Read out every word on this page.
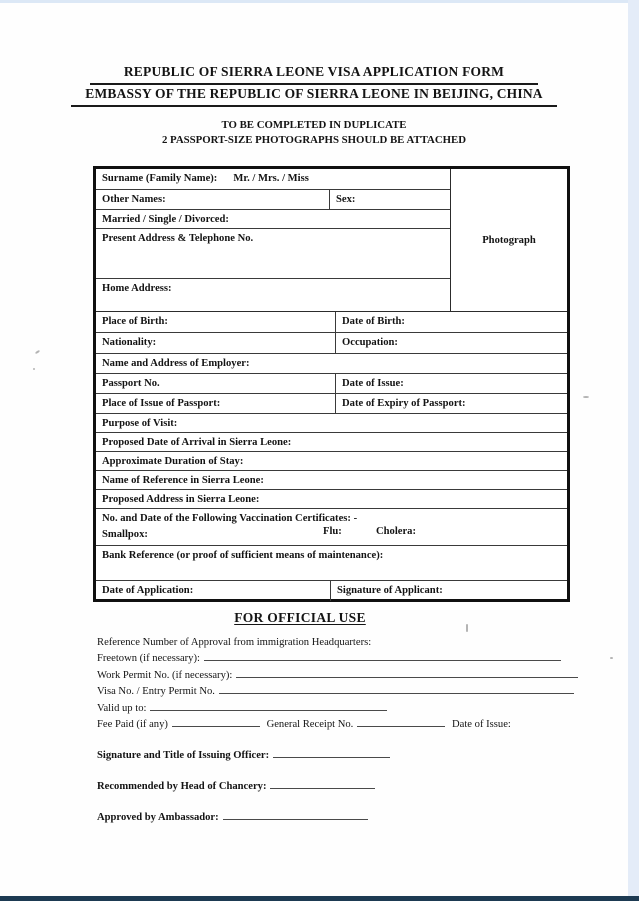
REPUBLIC OF SIERRA LEONE VISA APPLICATION FORM
EMBASSY OF THE REPUBLIC OF SIERRA LEONE IN BEIJING, CHINA
TO BE COMPLETED IN DUPLICATE
2 PASSPORT-SIZE PHOTOGRAPHS SHOULD BE ATTACHED
Surname (Family Name): Mr. / Mrs. / Miss
Other Names:	Sex:
Married / Single / Divorced:
Present Address & Telephone No.
Home Address:
Photograph
Place of Birth:	Date of Birth:
Nationality:	Occupation:
Name and Address of Employer:
Passport No.	Date of Issue:
Place of Issue of Passport:	Date of Expiry of Passport:
Purpose of Visit:
Proposed Date of Arrival in Sierra Leone:
Approximate Duration of Stay:
Name of Reference in Sierra Leone:
Proposed Address in Sierra Leone:
No. and Date of the Following Vaccination Certificates: -
Smallpox:	Flu:	Cholera:
Bank Reference (or proof of sufficient means of maintenance):
Date of Application:	Signature of Applicant:
FOR OFFICIAL USE
Reference Number of Approval from immigration Headquarters:
Freetown (if necessary):
Work Permit No. (if necessary):
Visa No. / Entry Permit No.
Valid up to:
Fee Paid (if any)	General Receipt No.	Date of Issue:
Signature and Title of Issuing Officer:
Recommended by Head of Chancery:
Approved by Ambassador:
